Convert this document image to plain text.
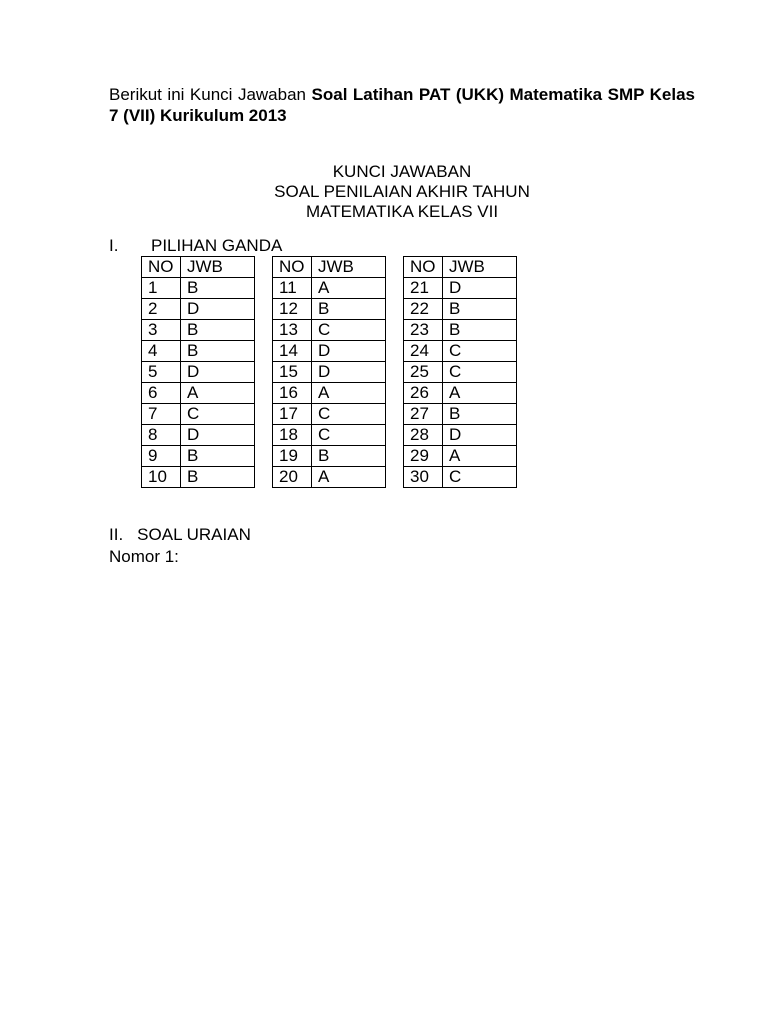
Berikut ini Kunci Jawaban Soal Latihan PAT (UKK) Matematika SMP Kelas 7 (VII) Kurikulum 2013
KUNCI JAWABAN
SOAL PENILAIAN AKHIR TAHUN
MATEMATIKA KELAS VII
I. PILIHAN GANDA
NO	JWB		NO	JWB		NO	JWB
1	B		11	A		21	D
2	D		12	B		22	B
3	B		13	C		23	B
4	B		14	D		24	C
5	D		15	D		25	C
6	A		16	A		26	A
7	C		17	C		27	B
8	D		18	C		28	D
9	B		19	B		29	A
10	B		20	A		30	C
II. SOAL URAIAN
Nomor 1:
